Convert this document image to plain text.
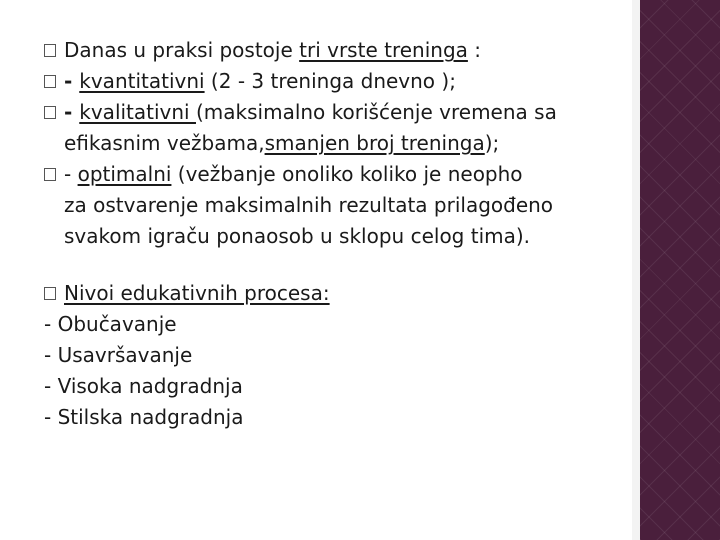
Danas u praksi postoje tri vrste treninga :

- kvantitativni (2 - 3 treninga dnevno );

- kvalitativni (maksimalno korišćenje vremena sa

efikasnim vežbama,smanjen broj treninga);

- optimalni (vežbanje onoliko koliko je neopho

za ostvarenje maksimalnih rezultata prilagođeno

svakom igraču ponaosob u sklopu celog tima).

Nivoi edukativnih procesa:

- Obučavanje

- Usavršavanje

- Visoka nadgradnja

- Stilska nadgradnja
